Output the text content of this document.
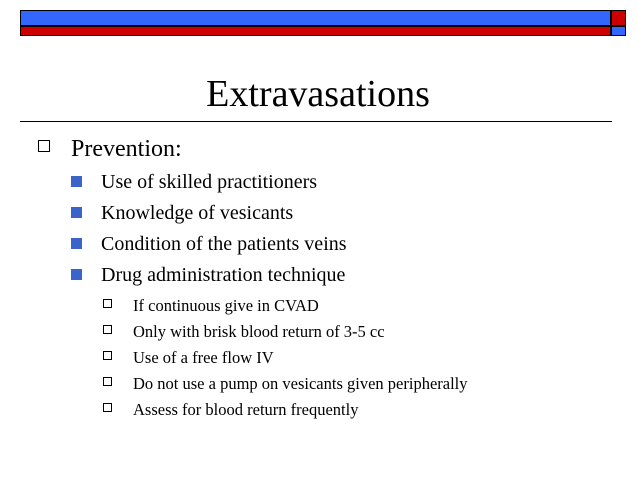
Extravasations
Prevention:
Use of skilled practitioners
Knowledge of vesicants
Condition of the patients veins
Drug administration technique
If continuous give in CVAD
Only with brisk blood return of 3-5 cc
Use of a free flow IV
Do not use a pump on vesicants given peripherally
Assess for blood return frequently
